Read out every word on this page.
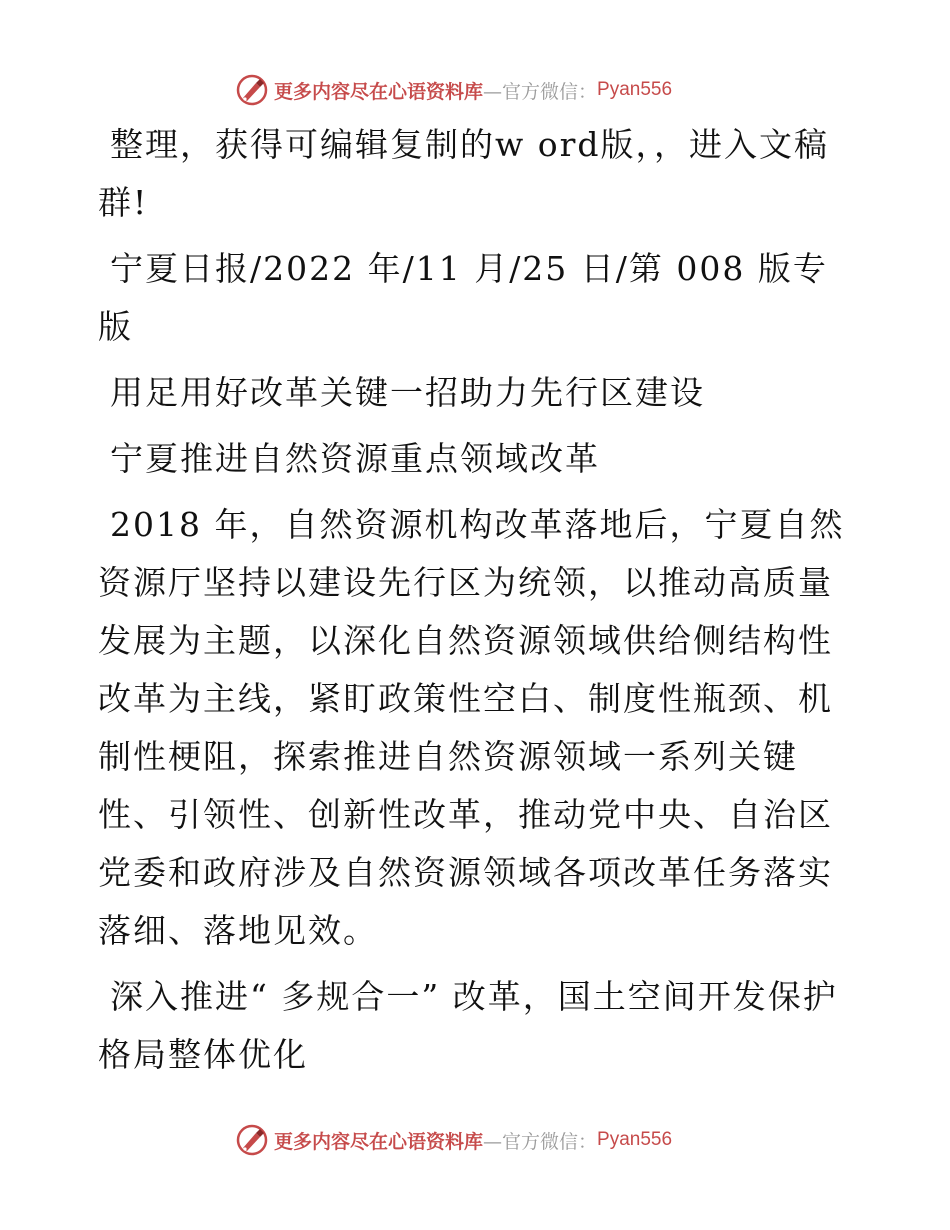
更多内容尽在心语资料库 —官方微信： Pyan556

整理，获得可编辑复制的w ord版，，进入文稿群!

宁夏日报/2022 年/11 月/25 日/第 008 版专版

用足用好改革关键一招助力先行区建设

宁夏推进自然资源重点领域改革

2018 年，自然资源机构改革落地后，宁夏自然资源厅坚持以建设先行区为统领，以推动高质量发展为主题，以深化自然资源领域供给侧结构性改革为主线，紧盯政策性空白、制度性瓶颈、机制性梗阻，探索推进自然资源领域一系列关键性、引领性、创新性改革，推动党中央、自治区党委和政府涉及自然资源领域各项改革任务落实落细、落地见效。

深入推进“ 多规合一” 改革，国土空间开发保护格局整体优化

更多内容尽在心语资料库 —官方微信： Pyan556
